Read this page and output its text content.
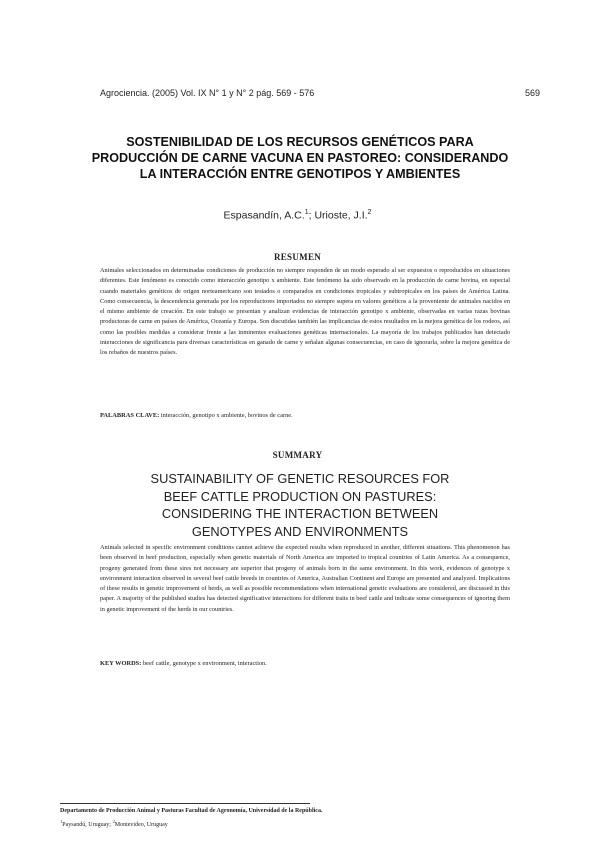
Agrociencia. (2005) Vol. IX N° 1 y N° 2 pág. 569 - 576	569
SOSTENIBILIDAD DE LOS RECURSOS GENÉTICOS PARA
PRODUCCIÓN DE CARNE VACUNA EN PASTOREO: CONSIDERANDO
LA INTERACCIÓN ENTRE GENOTIPOS Y AMBIENTES
Espasandín, A.C.$^1$; Urioste, J.I.$^2$
RESUMEN

Animales seleccionados en determinadas condiciones de producción no siempre responden de un modo esperado al ser expuestos o reproducidos en situaciones diferentes. Este fenómeno es conocido como interacción genotipo x ambiente. Este fenómeno ha sido observado en la producción de carne bovina, en especial cuando materiales genéticos de origen norteamericano son testados o comparados en condiciones tropicales y subtropicales en los países de América Latina. Como consecuencia, la descendencia generada por los reproductores importados no siempre supera en valores genéticos a la proveniente de animales nacidos en el mismo ambiente de creación. En este trabajo se presentan y analizan evidencias de interacción genotipo x ambiente, observadas en varias razas bovinas productoras de carne en países de América, Oceanía y Europa. Son discutidas también las implicancias de estos resultados en la mejora genética de los rodeos, así como las posibles medidas a considerar frente a las inminentes evaluaciones genéticas internacionales. La mayoría de los trabajos publicados han detectado interacciones de significancia para diversas características en ganado de carne y señalan algunas consecuencias, en caso de ignorarla, sobre la mejora genética de los rebaños de nuestros países.

PALABRAS CLAVE: interacción, genotipo x ambiente, bovinos de carne.
SUMMARY
SUSTAINABILITY OF GENETIC RESOURCES FOR
BEEF CATTLE PRODUCTION ON PASTURES:
CONSIDERING THE INTERACTION BETWEEN
GENOTYPES AND ENVIRONMENTS

Animals selected in specific environment conditions cannot achieve the expected results when reproduced in another, different situations. This phenomenon has been observed in beef production, especially when genetic materials of North America are imported to tropical countries of Latin America. As a consequence, progeny generated from these sires not necessary are superior that progeny of animals born in the same environment. In this work, evidences of genotype x environment interaction observed in several beef cattle breeds in countries of America, Australian Continent and Europe are presented and analyzed. Implications of these results in genetic improvement of herds, as well as possible recommendations when international genetic evaluations are considered, are discussed in this paper. A majority of the published studies has detected significative interactions for different traits in beef cattle and indicate some consequences of ignoring them in genetic improvement of the herds in our countries.

KEY WORDS: beef cattle, genotype x environment, interaction.
Departamento de Producción Animal y Pasturas Facultad de Agronomía, Universidad de la República.
$^1$Paysandú, Uruguay; $^2$Montevideo, Uruguay
